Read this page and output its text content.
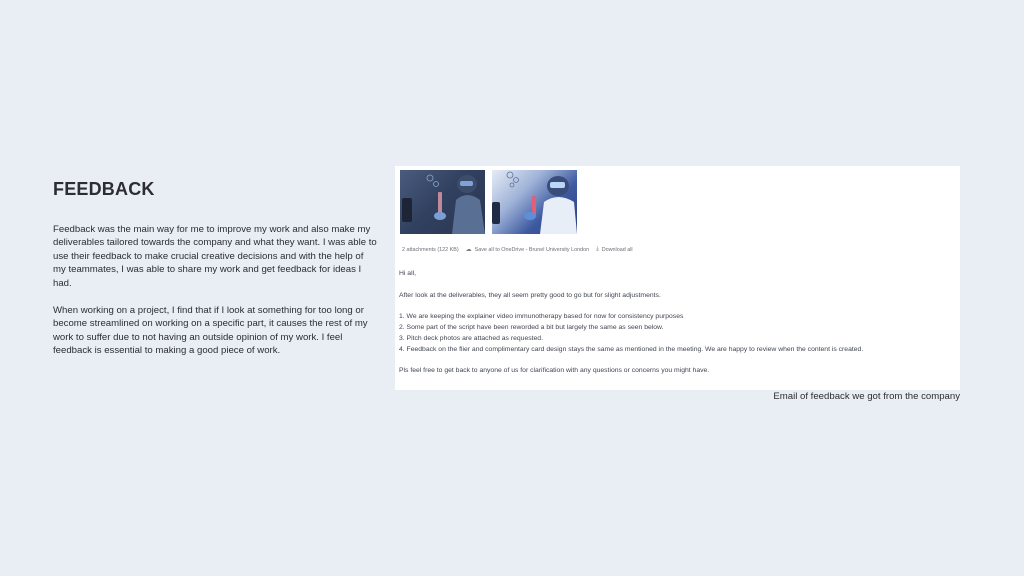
FEEDBACK
Feedback was the main way for me to improve my work and also make my deliverables tailored towards the company and what they want. I was able to use their feedback to make crucial creative decisions and with the help of my teammates, I was able to share my work and get feedback for ideas I had.
When working on a project, I find that if I look at something for too long or become streamlined on working on a specific part, it causes the rest of my work to suffer due to not having an outside opinion of my work. I feel feedback is essential to making a good piece of work.
2 attachments (122 KB) ☁ Save all to OneDrive - Brunel University London ⤓ Download all
Hi all,
After look at the deliverables, they all seem pretty good to go but for slight adjustments.
1. We are keeping the explainer video immunotherapy based for now for consistency purposes
2. Some part of the script have been reworded a bit but largely the same as seen below.
3. Pitch deck photos are attached as requested.
4. Feedback on the flier and complimentary card design stays the same as mentioned in the meeting. We are happy to review when the content is created.
Pls feel free to get back to anyone of us for clarification with any questions or concerns you might have.
Email of feedback we got from the company
